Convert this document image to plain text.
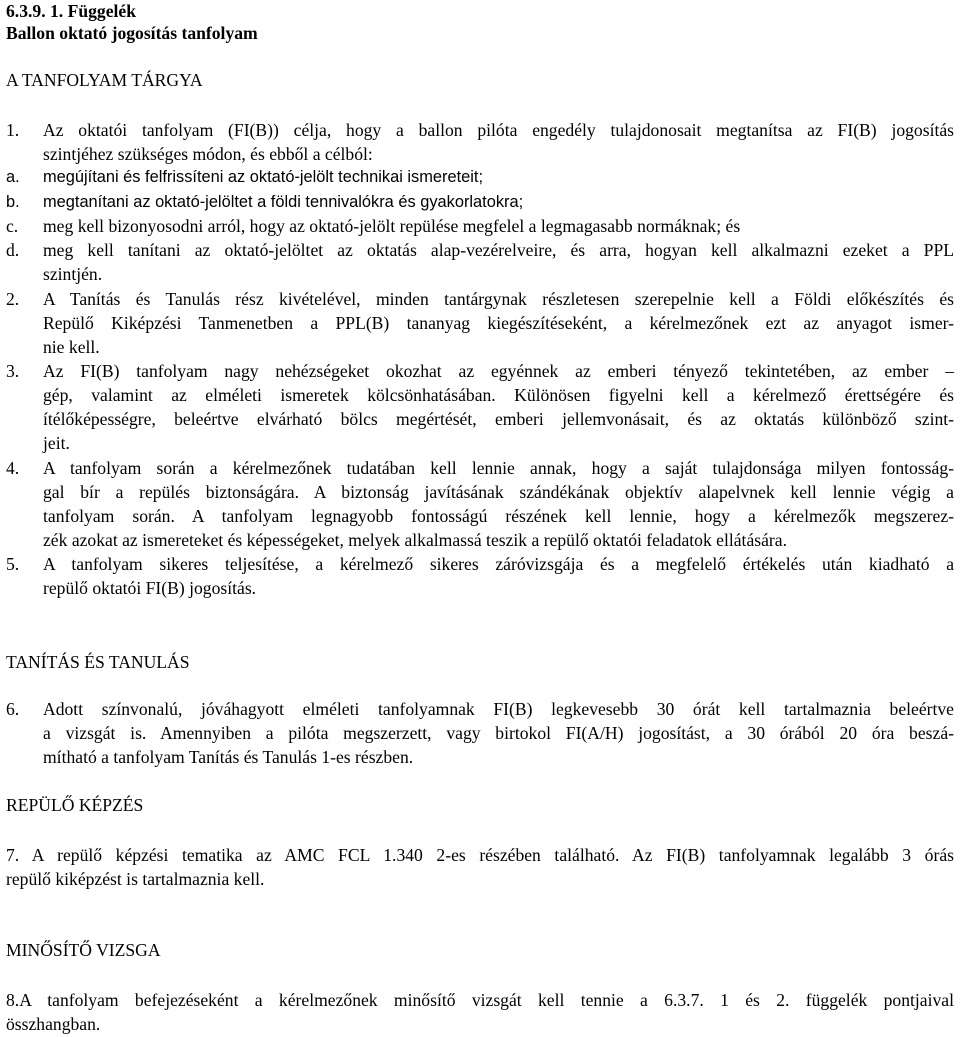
6.3.9. 1. Függelék
Ballon oktató jogosítás tanfolyam
A TANFOLYAM TÁRGYA
1. Az oktatói tanfolyam (FI(B)) célja, hogy a ballon pilóta engedély tulajdonosait megtanítsa az FI(B) jogosítás
szintjéhez szükséges módon, és ebből a célból:
a. megújítani és felfrissíteni az oktató-jelölt technikai ismereteit;
b. megtanítani az oktató-jelöltet a földi tennivalókra és gyakorlatokra;
c. meg kell bizonyosodni arról, hogy az oktató-jelölt repülése megfelel a legmagasabb normáknak; és
d. meg kell tanítani az oktató-jelöltet az oktatás alap-vezérelveire, és arra, hogyan kell alkalmazni ezeket a PPL
szintjén.
2. A Tanítás és Tanulás rész kivételével, minden tantárgynak részletesen szerepelnie kell a Földi előkészítés és
Repülő Kiképzési Tanmenetben a PPL(B) tananyag kiegészítéseként, a kérelmezőnek ezt az anyagot ismer-
nie kell.
3. Az FI(B) tanfolyam nagy nehézségeket okozhat az egyénnek az emberi tényező tekintetében, az ember –
gép, valamint az elméleti ismeretek kölcsönhatásában. Különösen figyelni kell a kérelmező érettségére és
ítélőképességre, beleértve elvárható bölcs megértését, emberi jellemvonásait, és az oktatás különböző szint-
jeit.
4. A tanfolyam során a kérelmezőnek tudatában kell lennie annak, hogy a saját tulajdonsága milyen fontosság-
gal bír a repülés biztonságára. A biztonság javításának szándékának objektív alapelvnek kell lennie végig a
tanfolyam során. A tanfolyam legnagyobb fontosságú részének kell lennie, hogy a kérelmezők megszerez-
zék azokat az ismereteket és képességeket, melyek alkalmassá teszik a repülő oktatói feladatok ellátására.
5. A tanfolyam sikeres teljesítése, a kérelmező sikeres záróvizsgája és a megfelelő értékelés után kiadható a
repülő oktatói FI(B) jogosítás.
TANÍTÁS ÉS TANULÁS
6. Adott színvonalú, jóváhagyott elméleti tanfolyamnak FI(B) legkevesebb 30 órát kell tartalmaznia beleértve
a vizsgát is. Amennyiben a pilóta megszerzett, vagy birtokol FI(A/H) jogosítást, a 30 órából 20 óra beszá-
mítható a tanfolyam Tanítás és Tanulás 1-es részben.
REPÜLŐ KÉPZÉS
7. A repülő képzési tematika az AMC FCL 1.340 2-es részében található. Az FI(B) tanfolyamnak legalább 3 órás
repülő kiképzést is tartalmaznia kell.
MINŐSÍTŐ VIZSGA
8.A tanfolyam befejezéseként a kérelmezőnek minősítő vizsgát kell tennie a 6.3.7. 1 és 2. függelék pontjaival
összhangban.
